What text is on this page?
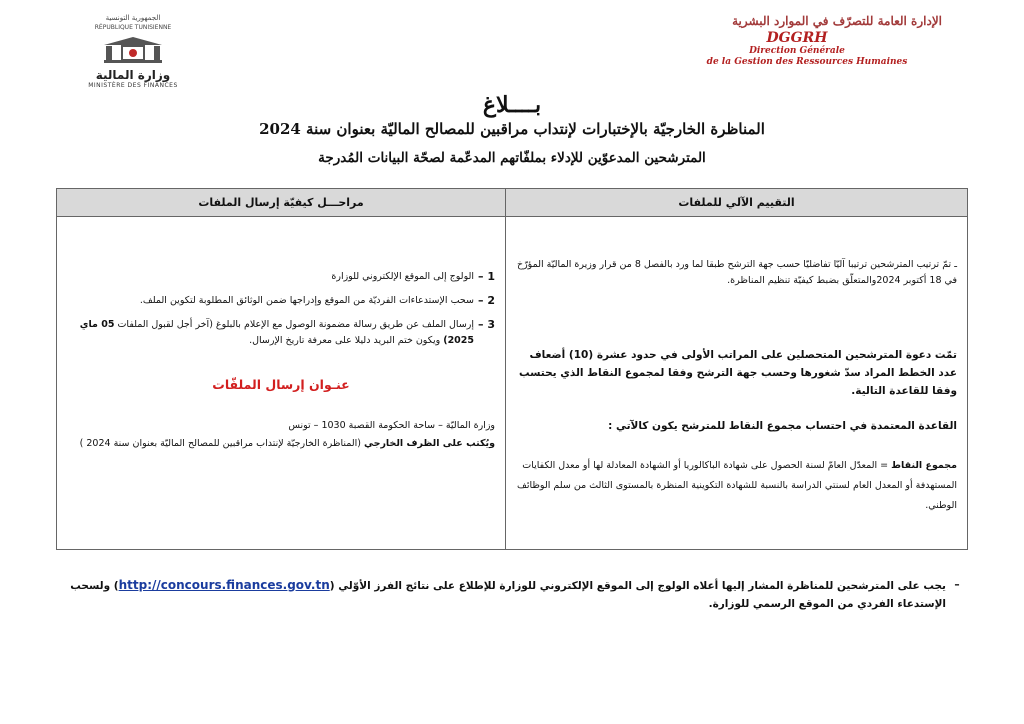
الجمهورية التونسية
RÉPUBLIQUE TUNISIENNE
وزارة المالية
MINISTÈRE DES FINANCES
الإدارة العامة للتصرّف في الموارد البشرية
DGGRH
Direction Générale
de la Gestion des Ressources Humaines
بــــلاغ
المناظرة الخارجيّة بالإختبارات لإنتداب مراقبين للمصالح الماليّة بعنوان سنة 2024
المترشحين المدعوّين للإدلاء بملفّاتهم المدعّمة لصحّة البيانات المُدرجة
التقييم الآلي للملفات

ـ تمّ ترتيب المترشحين ترتيبا آليّا تفاضليّا حسب جهة الترشح طبقا لما ورد بالفصل 8 من قرار وزيرة الماليّة المؤرّخ في 18 أكتوبر 2024والمتعلّق بضبط كيفيّة تنظيم المناظرة.

تمّت دعوة المترشحين المتحصلين على المراتب الأولى في حدود عشرة (10) أضعاف عدد الخطط المراد سدّ شغورها وحسب جهة الترشح وفقا لمجموع النقاط الذي يحتسب وفقا للقاعدة التالية.

القاعدة المعتمدة في احتساب مجموع النقاط للمترشح يكون كالآتي :

مجموع النقاط = المعدّل العامّ لسنة الحصول على شهادة الباكالوريا أو الشهادة المعادلة لها أو معدل الكفايات المستهدفة أو المعدل العام لسنتي الدراسة بالنسبة للشهادة التكوينية المنظرة بالمستوى الثالث من سلم الوظائف الوطني.

مراحـــل كيفيّة إرسال الملفات
1 –
الولوج إلى الموقع الإلكتروني للوزارة
2 –
سحب الإستدعاءات الفرديّة من الموقع وإدراجها ضمن الوثائق المطلوبة لتكوين الملف.
3 –
إرسال الملف عن طريق رسالة مضمونة الوصول مع الإعلام بالبلوغ (آخر أجل لقبول الملفات 05 ماي 2025) ويكون ختم البريد دليلا على معرفة تاريخ الإرسال.
عنـوان إرسال الملفّات
وزارة الماليّة – ساحة الحكومة القصبة 1030 – تونس
ويُكتب على الظرف الخارجي (المناظرة الخارجيّة لإنتداب مراقبين للمصالح الماليّة بعنوان سنة 2024 )
–
يجب على المترشحين للمناظرة المشار إليها أعلاه الولوج إلى الموقع الإلكتروني للوزارة للإطلاع على نتائج الفرز الأوّلي (http://concours.finances.gov.tn) ولسحب الإستدعاء الفردي من الموقع الرسمي للوزارة.
